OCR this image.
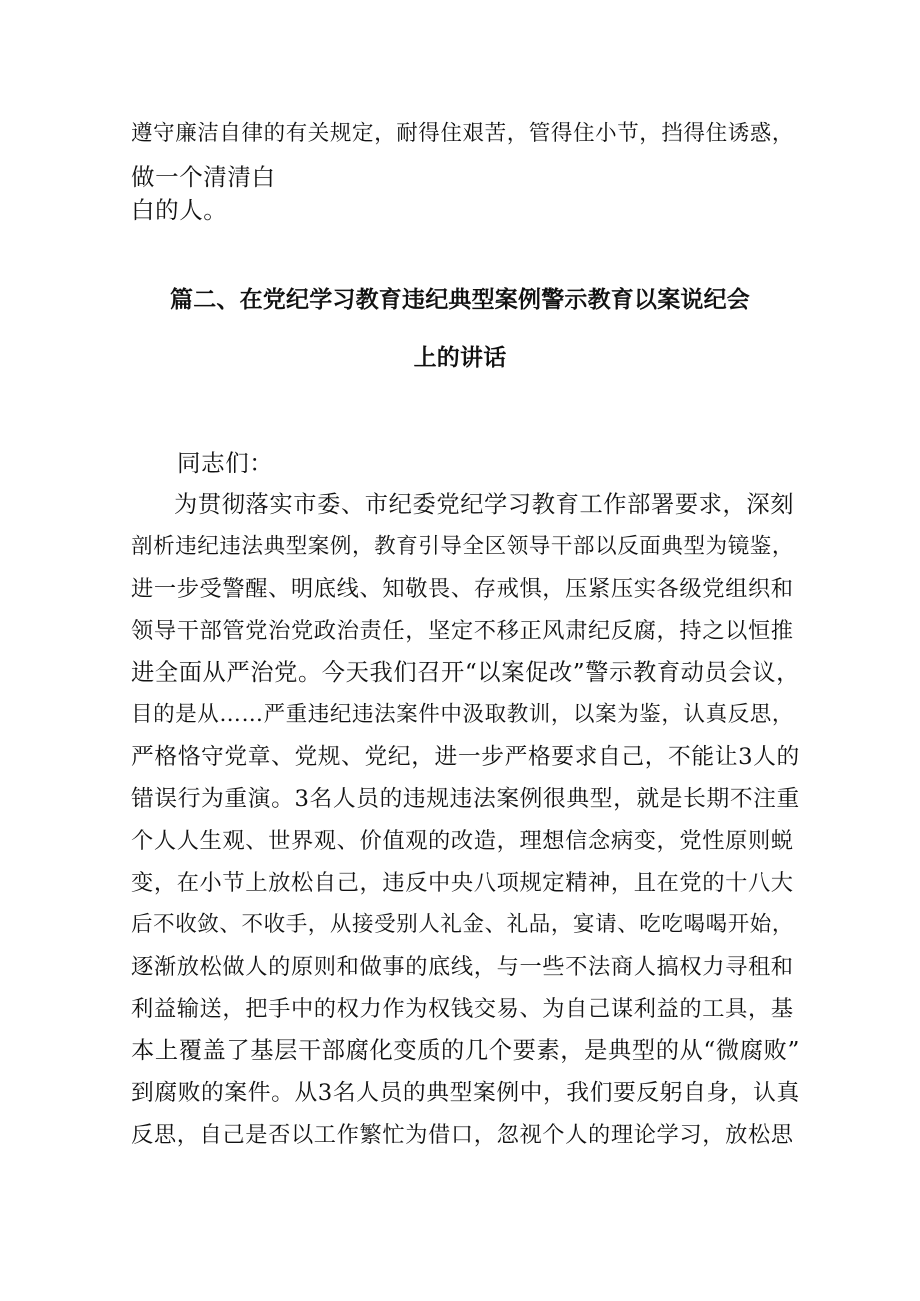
遵守廉洁自律的有关规定，耐得住艰苦，管得住小节，挡得住诱惑，

做一个清清白

白的人。

篇二、在党纪学习教育违纪典型案例警示教育以案说纪会
上的讲话

同志们：

为贯彻落实市委、市纪委党纪学习教育工作部署要求，深刻

剖析违纪违法典型案例，教育引导全区领导干部以反面典型为镜鉴，

进一步受警醒、明底线、知敬畏、存戒惧，压紧压实各级党组织和

领导干部管党治党政治责任，坚定不移正风肃纪反腐，持之以恒推

进全面从严治党。今天我们召开“以案促改”警示教育动员会议，

目的是从……严重违纪违法案件中汲取教训，以案为鉴，认真反思，

严格恪守党章、党规、党纪，进一步严格要求自己，不能让3人的

错误行为重演。3名人员的违规违法案例很典型，就是长期不注重

个人人生观、世界观、价值观的改造，理想信念病变，党性原则蜕

变，在小节上放松自己，违反中央八项规定精神，且在党的十八大

后不收敛、不收手，从接受别人礼金、礼品，宴请、吃吃喝喝开始，

逐渐放松做人的原则和做事的底线，与一些不法商人搞权力寻租和

利益输送，把手中的权力作为权钱交易、为自己谋利益的工具，基

本上覆盖了基层干部腐化变质的几个要素，是典型的从“微腐败”

到腐败的案件。从3名人员的典型案例中，我们要反躬自身，认真

反思，自己是否以工作繁忙为借口，忽视个人的理论学习，放松思
